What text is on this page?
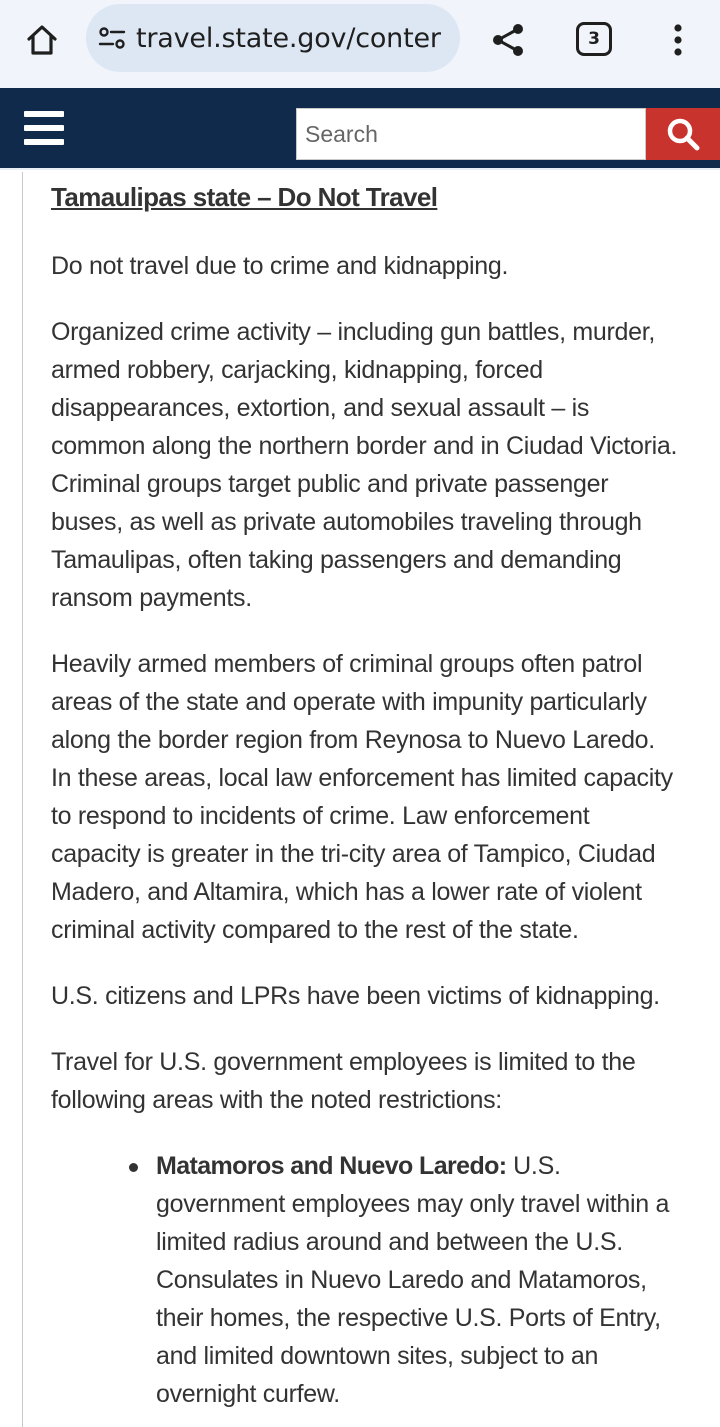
travel.state.gov/conter	3
Search
Tamaulipas state – Do Not Travel

Do not travel due to crime and kidnapping.

Organized crime activity – including gun battles, murder, armed robbery, carjacking, kidnapping, forced disappearances, extortion, and sexual assault – is common along the northern border and in Ciudad Victoria. Criminal groups target public and private passenger buses, as well as private automobiles traveling through Tamaulipas, often taking passengers and demanding ransom payments.

Heavily armed members of criminal groups often patrol areas of the state and operate with impunity particularly along the border region from Reynosa to Nuevo Laredo. In these areas, local law enforcement has limited capacity to respond to incidents of crime. Law enforcement capacity is greater in the tri-city area of Tampico, Ciudad Madero, and Altamira, which has a lower rate of violent criminal activity compared to the rest of the state.

U.S. citizens and LPRs have been victims of kidnapping.

Travel for U.S. government employees is limited to the following areas with the noted restrictions:

Matamoros and Nuevo Laredo: U.S. government employees may only travel within a limited radius around and between the U.S. Consulates in Nuevo Laredo and Matamoros, their homes, the respective U.S. Ports of Entry, and limited downtown sites, subject to an overnight curfew.
